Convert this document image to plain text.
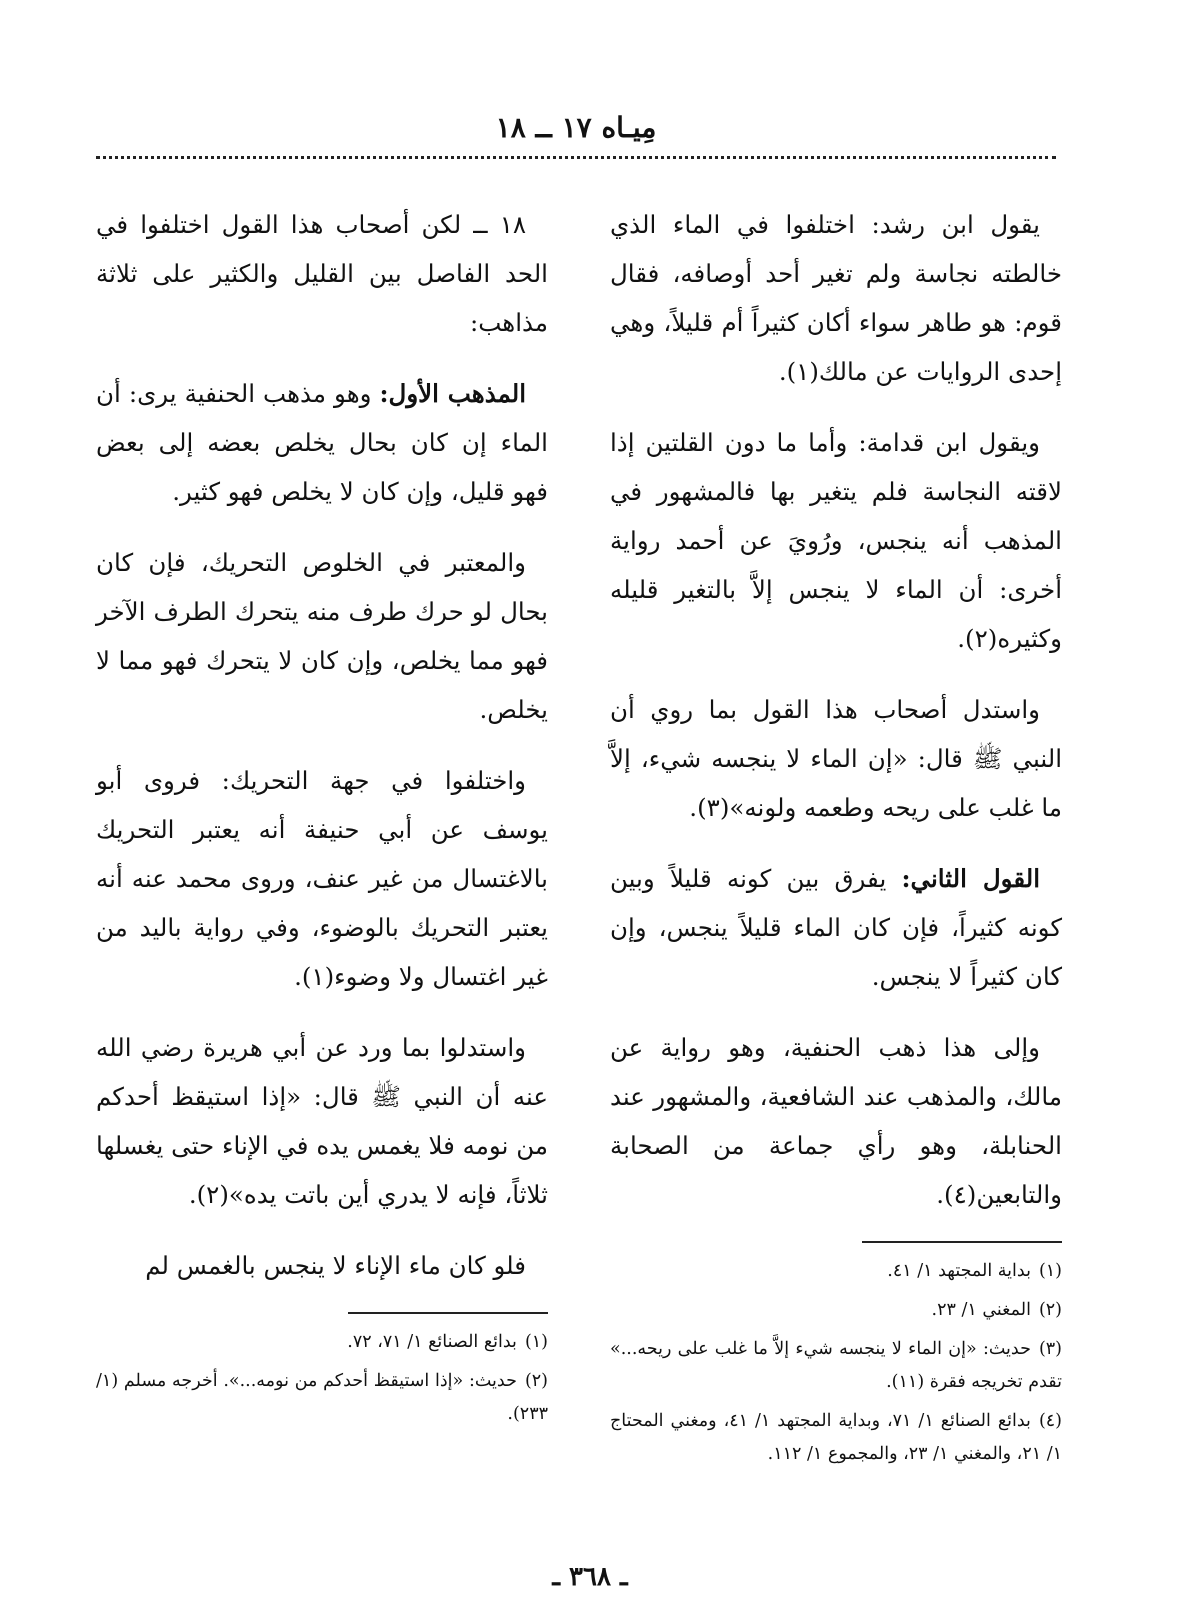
مِيـاه ١٧ ــ ١٨

يقول ابن رشد: اختلفوا في الماء الذي خالطته نجاسة ولم تغير أحد أوصافه، فقال قوم: هو طاهر سواء أكان كثيراً أم قليلاً، وهي إحدى الروايات عن مالك(١).

ويقول ابن قدامة: وأما ما دون القلتين إذا لاقته النجاسة فلم يتغير بها فالمشهور في المذهب أنه ينجس، ورُويَ عن أحمد رواية أخرى: أن الماء لا ينجس إلاَّ بالتغير قليله وكثيره(٢).

واستدل أصحاب هذا القول بما روي أن النبي ﷺ قال: «إن الماء لا ينجسه شيء، إلاَّ ما غلب على ريحه وطعمه ولونه»(٣).

القول الثاني: يفرق بين كونه قليلاً وبين كونه كثيراً، فإن كان الماء قليلاً ينجس، وإن كان كثيراً لا ينجس.

وإلى هذا ذهب الحنفية، وهو رواية عن مالك، والمذهب عند الشافعية، والمشهور عند الحنابلة، وهو رأي جماعة من الصحابة والتابعين(٤).

(١)بداية المجتهد ١/ ٤١.

(٢)المغني ١/ ٢٣.

(٣)حديث: «إن الماء لا ينجسه شيء إلاَّ ما غلب على ريحه...» تقدم تخريجه فقرة (١١).

(٤)بدائع الصنائع ١/ ٧١، وبداية المجتهد ١/ ٤١، ومغني المحتاج ١/ ٢١، والمغني ١/ ٢٣، والمجموع ١/ ١١٢.

١٨ ــ لكن أصحاب هذا القول اختلفوا في الحد الفاصل بين القليل والكثير على ثلاثة مذاهب:

المذهب الأول: وهو مذهب الحنفية يرى: أن الماء إن كان بحال يخلص بعضه إلى بعض فهو قليل، وإن كان لا يخلص فهو كثير.

والمعتبر في الخلوص التحريك، فإن كان بحال لو حرك طرف منه يتحرك الطرف الآخر فهو مما يخلص، وإن كان لا يتحرك فهو مما لا يخلص.

واختلفوا في جهة التحريك: فروى أبو يوسف عن أبي حنيفة أنه يعتبر التحريك بالاغتسال من غير عنف، وروى محمد عنه أنه يعتبر التحريك بالوضوء، وفي رواية باليد من غير اغتسال ولا وضوء(١).

واستدلوا بما ورد عن أبي هريرة رضي الله عنه أن النبي ﷺ قال: «إذا استيقظ أحدكم من نومه فلا يغمس يده في الإناء حتى يغسلها ثلاثاً، فإنه لا يدري أين باتت يده»(٢).

فلو كان ماء الإناء لا ينجس بالغمس لم

(١)بدائع الصنائع ١/ ٧١، ٧٢.

(٢)حديث: «إذا استيقظ أحدكم من نومه...». أخرجه مسلم (١/ ٢٣٣).

ـ ٣٦٨ ـ
